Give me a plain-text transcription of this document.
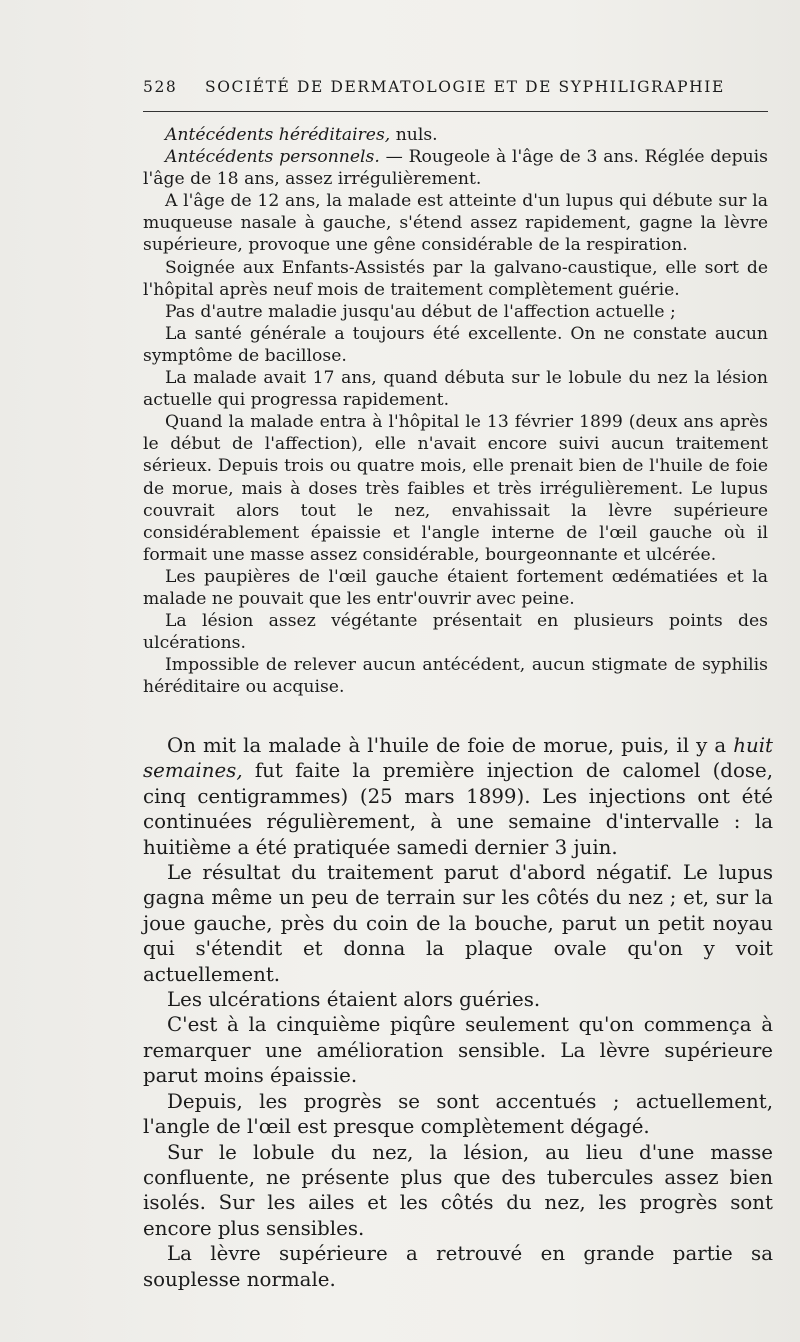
528 SOCIÉTÉ DE DERMATOLOGIE ET DE SYPHILIGRAPHIE

Antécédents héréditaires, nuls.

Antécédents personnels. — Rougeole à l'âge de 3 ans. Réglée depuis l'âge de 18 ans, assez irrégulièrement.

A l'âge de 12 ans, la malade est atteinte d'un lupus qui débute sur la muqueuse nasale à gauche, s'étend assez rapidement, gagne la lèvre supérieure, provoque une gêne considérable de la respiration.

Soignée aux Enfants-Assistés par la galvano-caustique, elle sort de l'hôpital après neuf mois de traitement complètement guérie.

Pas d'autre maladie jusqu'au début de l'affection actuelle ;

La santé générale a toujours été excellente. On ne constate aucun symptôme de bacillose.

La malade avait 17 ans, quand débuta sur le lobule du nez la lésion actuelle qui progressa rapidement.

Quand la malade entra à l'hôpital le 13 février 1899 (deux ans après le début de l'affection), elle n'avait encore suivi aucun traitement sérieux. Depuis trois ou quatre mois, elle prenait bien de l'huile de foie de morue, mais à doses très faibles et très irrégulièrement. Le lupus couvrait alors tout le nez, envahissait la lèvre supérieure considérablement épaissie et l'angle interne de l'œil gauche où il formait une masse assez considérable, bourgeonnante et ulcérée.

Les paupières de l'œil gauche étaient fortement œdématiées et la malade ne pouvait que les entr'ouvrir avec peine.

La lésion assez végétante présentait en plusieurs points des ulcérations.

Impossible de relever aucun antécédent, aucun stigmate de syphilis héréditaire ou acquise.

On mit la malade à l'huile de foie de morue, puis, il y a huit semaines, fut faite la première injection de calomel (dose, cinq centigrammes) (25 mars 1899). Les injections ont été continuées régulièrement, à une semaine d'intervalle : la huitième a été pratiquée samedi dernier 3 juin.

Le résultat du traitement parut d'abord négatif. Le lupus gagna même un peu de terrain sur les côtés du nez ; et, sur la joue gauche, près du coin de la bouche, parut un petit noyau qui s'étendit et donna la plaque ovale qu'on y voit actuellement.

Les ulcérations étaient alors guéries.

C'est à la cinquième piqûre seulement qu'on commença à remarquer une amélioration sensible. La lèvre supérieure parut moins épaissie.

Depuis, les progrès se sont accentués ; actuellement, l'angle de l'œil est presque complètement dégagé.

Sur le lobule du nez, la lésion, au lieu d'une masse confluente, ne présente plus que des tubercules assez bien isolés. Sur les ailes et les côtés du nez, les progrès sont encore plus sensibles.

La lèvre supérieure a retrouvé en grande partie sa souplesse normale.
